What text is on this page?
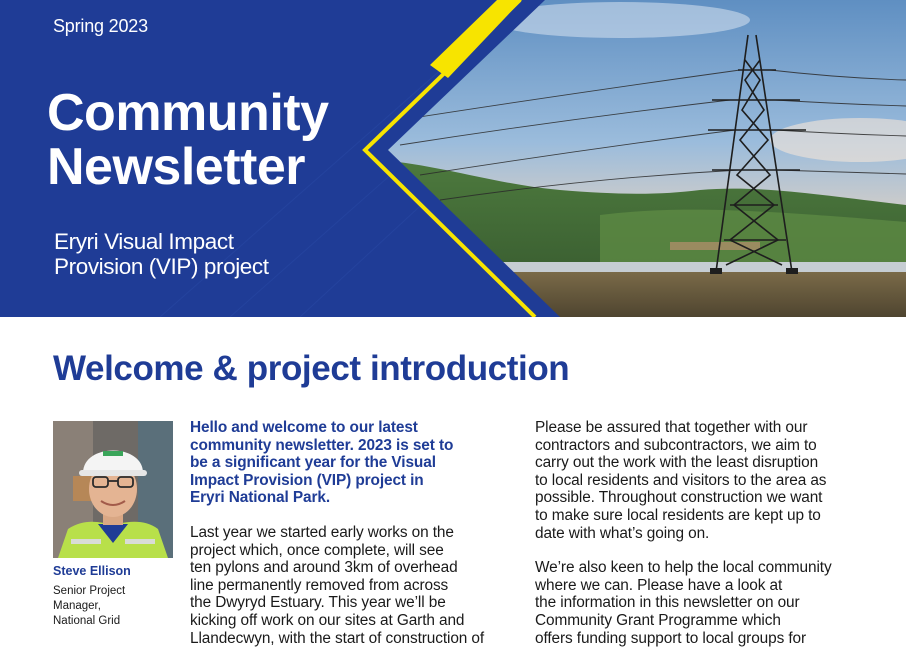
Spring 2023

Community
Newsletter

Eryri Visual Impact
Provision (VIP) project

Welcome & project introduction

Steve Ellison

Senior Project
Manager,
National Grid

Hello and welcome to our latest
community newsletter. 2023 is set to
be a significant year for the Visual
Impact Provision (VIP) project in
Eryri National Park.

Last year we started early works on the
project which, once complete, will see
ten pylons and around 3km of overhead
line permanently removed from across
the Dwyryd Estuary. This year we’ll be
kicking off work on our sites at Garth and
Llandecwyn, with the start of construction of

Please be assured that together with our
contractors and subcontractors, we aim to
carry out the work with the least disruption
to local residents and visitors to the area as
possible. Throughout construction we want
to make sure local residents are kept up to
date with what’s going on.

We’re also keen to help the local community
where we can. Please have a look at
the information in this newsletter on our
Community Grant Programme which
offers funding support to local groups for
